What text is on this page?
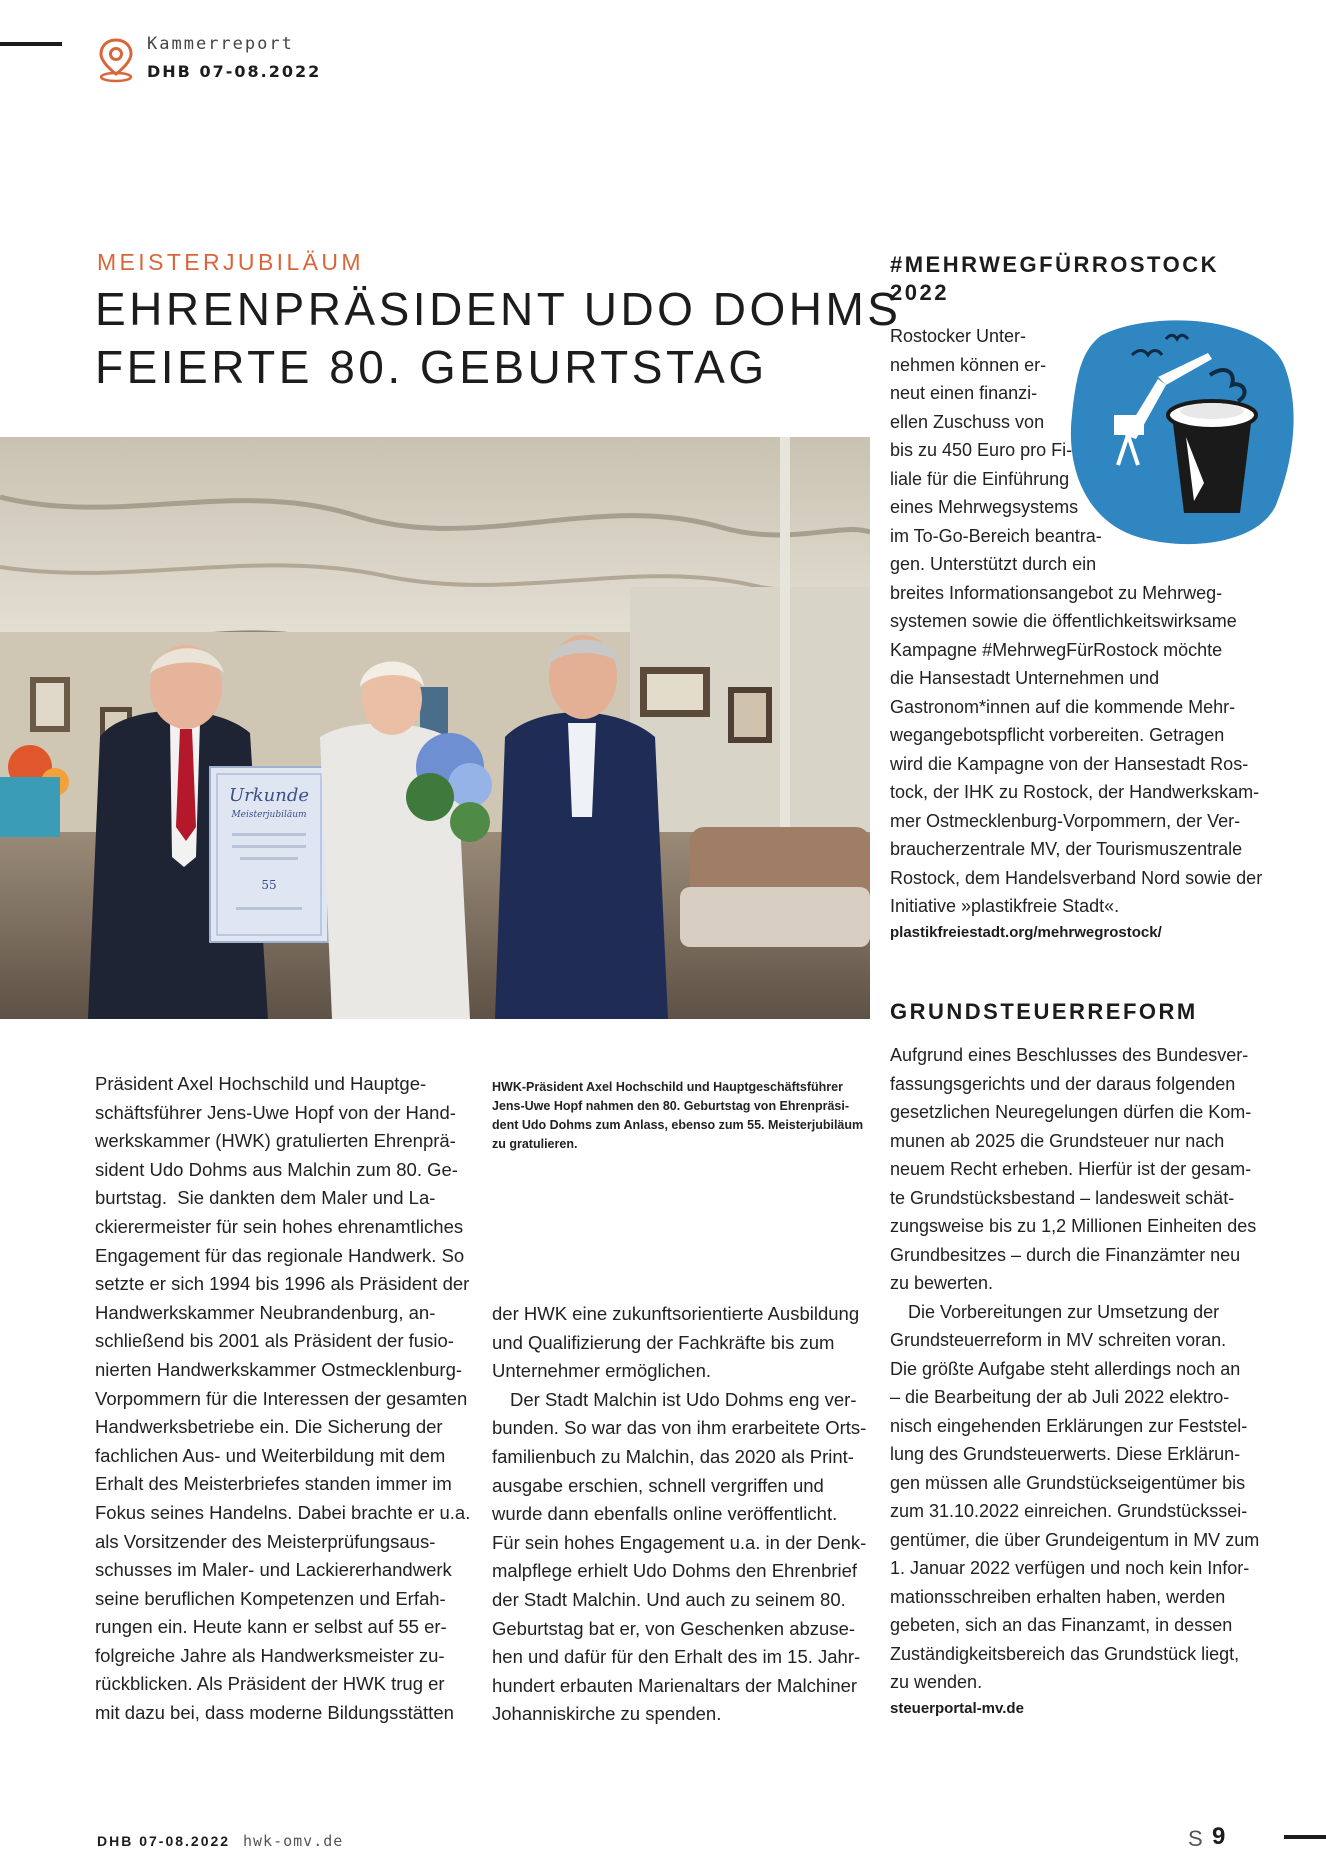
Kammerreport
DHB 07-08.2022
MEISTERJUBILÄUM
EHRENPRÄSIDENT UDO DOHMS
FEIERTE 80. GEBURTSTAG
Urkunde
Meisterjubiläum
55
HWK-Präsident Axel Hochschild und Hauptgeschäftsführer
Jens-Uwe Hopf nahmen den 80. Geburtstag von Ehrenpräsi-
dent Udo Dohms zum Anlass, ebenso zum 55. Meisterjubiläum
zu gratulieren.
Präsident Axel Hochschild und Hauptge-
schäftsführer Jens-Uwe Hopf von der Hand-
werkskammer (HWK) gratulierten Ehrenprä-
sident Udo Dohms aus Malchin zum 80. Ge-
burtstag.  Sie dankten dem Maler und La-
ckierermeister für sein hohes ehrenamtliches
Engagement für das regionale Handwerk. So
setzte er sich 1994 bis 1996 als Präsident der
Handwerkskammer Neubrandenburg, an-
schließend bis 2001 als Präsident der fusio-
nierten Handwerkskammer Ostmecklenburg-
Vorpommern für die Interessen der gesamten
Handwerksbetriebe ein. Die Sicherung der
fachlichen Aus- und Weiterbildung mit dem
Erhalt des Meisterbriefes standen immer im
Fokus seines Handelns. Dabei brachte er u.a.
als Vorsitzender des Meisterprüfungsaus-
schusses im Maler- und Lackiererhandwerk
seine beruflichen Kompetenzen und Erfah-
rungen ein. Heute kann er selbst auf 55 er-
folgreiche Jahre als Handwerksmeister zu-
rückblicken. Als Präsident der HWK trug er
mit dazu bei, dass moderne Bildungsstätten
der HWK eine zukunftsorientierte Ausbildung
und Qualifizierung der Fachkräfte bis zum
Unternehmer ermöglichen.
Der Stadt Malchin ist Udo Dohms eng ver-
bunden. So war das von ihm erarbeitete Orts-
familienbuch zu Malchin, das 2020 als Print-
ausgabe erschien, schnell vergriffen und
wurde dann ebenfalls online veröffentlicht.
Für sein hohes Engagement u.a. in der Denk-
malpflege erhielt Udo Dohms den Ehrenbrief
der Stadt Malchin. Und auch zu seinem 80.
Geburtstag bat er, von Geschenken abzuse-
hen und dafür für den Erhalt des im 15. Jahr-
hundert erbauten Marienaltars der Malchiner
Johanniskirche zu spenden.
#MEHRWEGFÜRROSTOCK
2022
Rostocker Unter-
nehmen können er-
neut einen finanzi-
ellen Zuschuss von
bis zu 450 Euro pro Fi-
liale für die Einführung
eines Mehrwegsystems
im To-Go-Bereich beantra-
gen. Unterstützt durch ein
breites Informationsangebot zu Mehrweg-
systemen sowie die öffentlichkeitswirksame
Kampagne #MehrwegFürRostock möchte
die Hansestadt Unternehmen und
Gastronom*innen auf die kommende Mehr-
wegangebotspflicht vorbereiten. Getragen
wird die Kampagne von der Hansestadt Ros-
tock, der IHK zu Rostock, der Handwerkskam-
mer Ostmecklenburg-Vorpommern, der Ver-
braucherzentrale MV, der Tourismuszentrale
Rostock, dem Handelsverband Nord sowie der
Initiative »plastikfreie Stadt«.
plastikfreiestadt.org/mehrwegrostock/
GRUNDSTEUERREFORM
Aufgrund eines Beschlusses des Bundesver-
fassungsgerichts und der daraus folgenden
gesetzlichen Neuregelungen dürfen die Kom-
munen ab 2025 die Grundsteuer nur nach
neuem Recht erheben. Hierfür ist der gesam-
te Grundstücksbestand – landesweit schät-
zungsweise bis zu 1,2 Millionen Einheiten des
Grundbesitzes – durch die Finanzämter neu
zu bewerten.
Die Vorbereitungen zur Umsetzung der
Grundsteuerreform in MV schreiten voran.
Die größte Aufgabe steht allerdings noch an
– die Bearbeitung der ab Juli 2022 elektro-
nisch eingehenden Erklärungen zur Feststel-
lung des Grundsteuerwerts. Diese Erklärun-
gen müssen alle Grundstückseigentümer bis
zum 31.10.2022 einreichen. Grundstückssei-
gentümer, die über Grundeigentum in MV zum
1. Januar 2022 verfügen und noch kein Infor-
mationsschreiben erhalten haben, werden
gebeten, sich an das Finanzamt, in dessen
Zuständigkeitsbereich das Grundstück liegt,
zu wenden.
steuerportal-mv.de
DHB 07-08.2022 hwk-omv.de	S 9
